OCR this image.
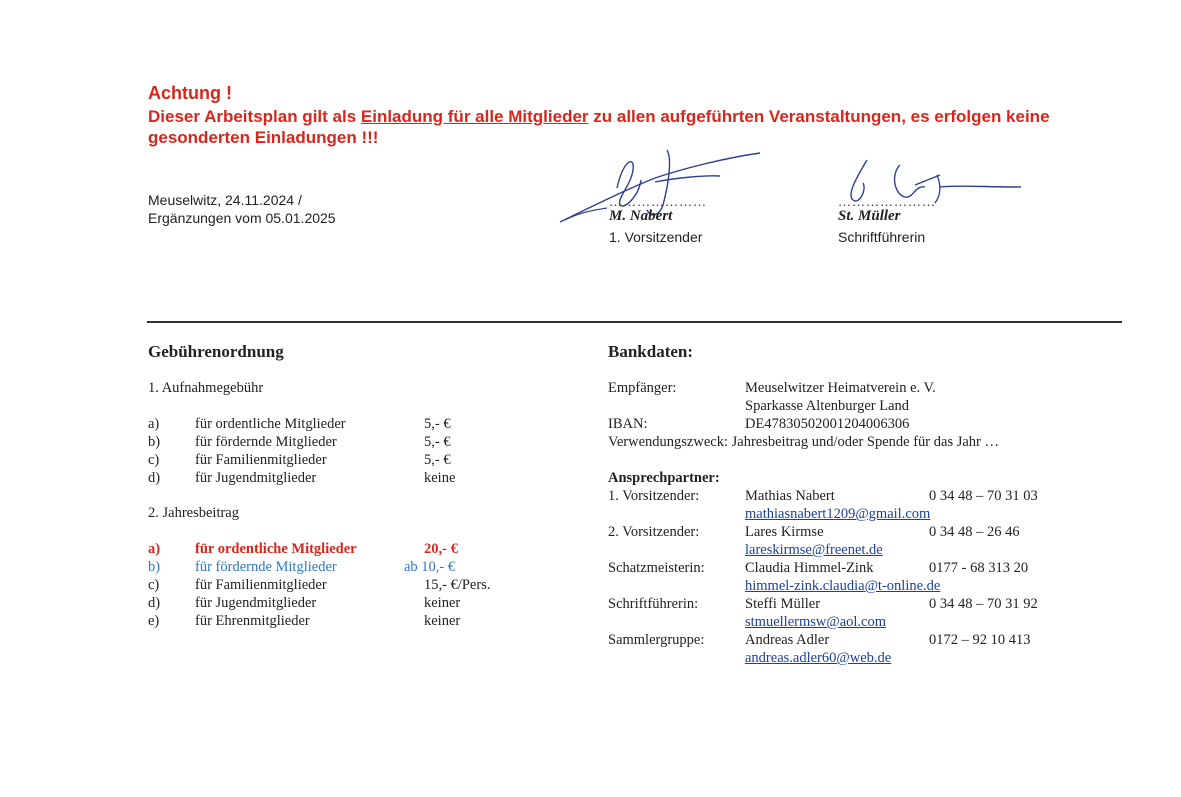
Achtung !
Dieser Arbeitsplan gilt als Einladung für alle Mitglieder zu allen aufgeführten Veranstaltungen, es erfolgen keine gesonderten Einladungen !!!
Meuselwitz, 24.11.2024 /
Ergänzungen vom 05.01.2025
…………………
M. Nabert
1. Vorsitzender
…………………
St. Müller
Schriftführerin
Gebührenordnung
1. Aufnahmegebühr
a) für ordentliche Mitglieder	5,- €
b) für fördernde Mitglieder	5,- €
c) für Familienmitglieder	5,- €
d) für Jugendmitglieder	keine
2. Jahresbeitrag
a) für ordentliche Mitglieder	20,- €
b) für fördernde Mitglieder	ab 10,- €
c) für Familienmitglieder	15,- €/Pers.
d) für Jugendmitglieder	keiner
e) für Ehrenmitglieder	keiner
Bankdaten:
Empfänger:	Meuselwitzer Heimatverein e. V.
Sparkasse Altenburger Land
IBAN:	DE47830502001204006306
Verwendungszweck: Jahresbeitrag und/oder Spende für das Jahr …
Ansprechpartner:
1. Vorsitzender:	Mathias Nabert	0 34 48 – 70 31 03
mathiasnabert1209@gmail.com
2. Vorsitzender:	Lares Kirmse	0 34 48 – 26 46
lareskirmse@freenet.de
Schatzmeisterin:	Claudia Himmel-Zink	0177 - 68 313 20
himmel-zink.claudia@t-online.de
Schriftführerin:	Steffi Müller	0 34 48 – 70 31 92
stmuellermsw@aol.com
Sammlergruppe:	Andreas Adler	0172 – 92 10 413
andreas.adler60@web.de
